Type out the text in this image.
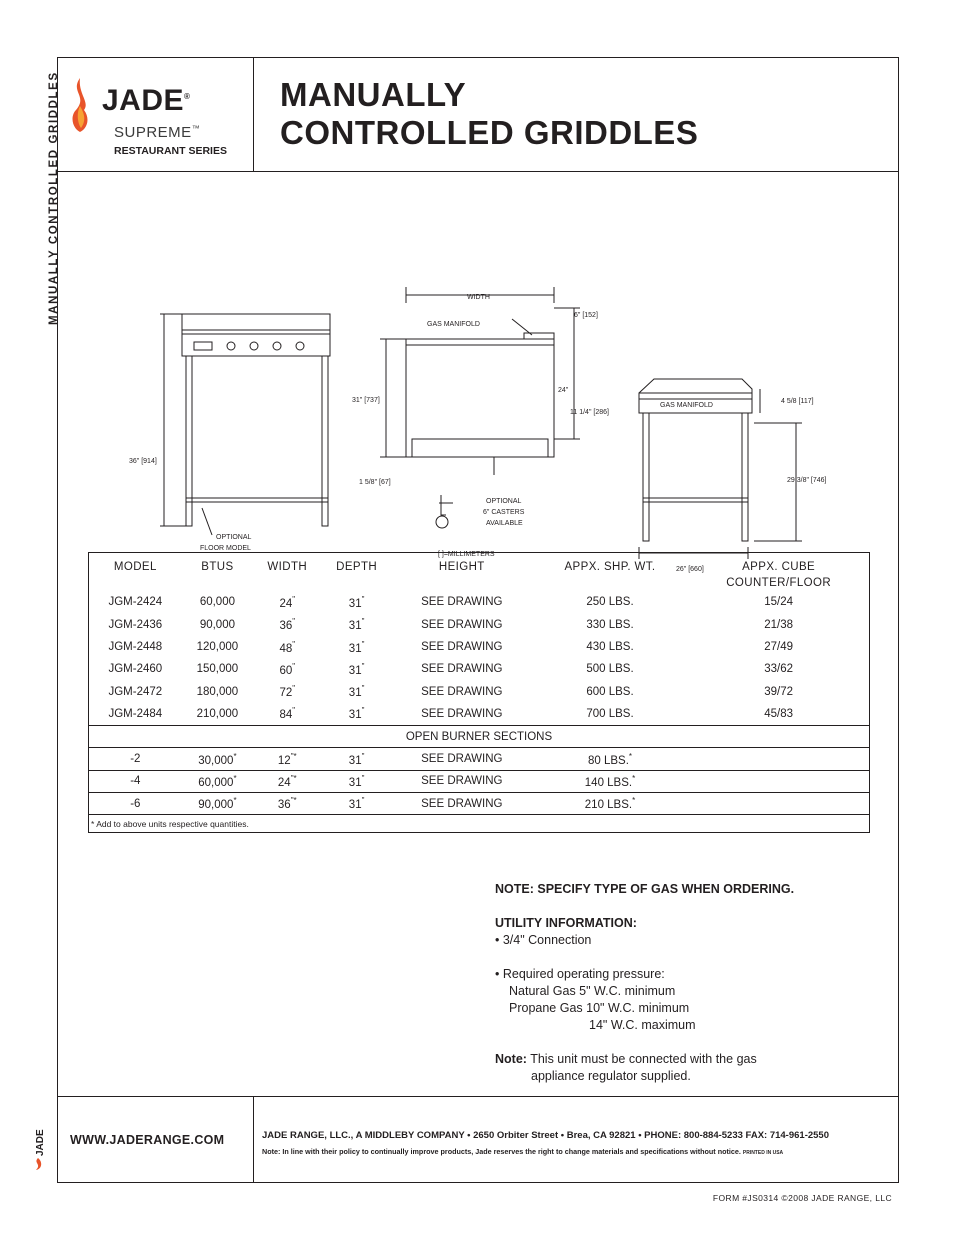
MANUALLY CONTROLLED GRIDDLES JADE®
SUPREME™
RESTAURANT SERIES
MANUALLY
CONTROLLED GRIDDLES
36" [914]
OPTIONAL
FLOOR MODEL
WIDTH
GAS MANIFOLD
6" [152]
31" [737]
24"
11 1/4" [286]
1 5/8" [67]
OPTIONAL
6" CASTERS
AVAILABLE
[ ]=MILLIMETERS
GAS MANIFOLD
4 5/8 [117]
29 3/8" [746]
26" [660]
MODEL	BTUS	WIDTH	DEPTH	HEIGHT	APPX. SHP. WT.	APPX. CUBE
COUNTER/FLOOR

JGM-2424	60,000	24"	31"	SEE DRAWING	250 LBS.	15/24
JGM-2436	90,000	36"	31"	SEE DRAWING	330 LBS.	21/38
JGM-2448	120,000	48"	31"	SEE DRAWING	430 LBS.	27/49
JGM-2460	150,000	60"	31"	SEE DRAWING	500 LBS.	33/62
JGM-2472	180,000	72"	31"	SEE DRAWING	600 LBS.	39/72
JGM-2484	210,000	84"	31"	SEE DRAWING	700 LBS.	45/83
OPEN BURNER SECTIONS						
-2	30,000*	12"*	31"	SEE DRAWING	80 LBS.*	
-4	60,000*	24"*	31"	SEE DRAWING	140 LBS.*	
-6	90,000*	36"*	31"	SEE DRAWING	210 LBS.*	
* Add to above units respective quantities.						
NOTE: SPECIFY TYPE OF GAS WHEN ORDERING.
UTILITY INFORMATION:
• 3/4" Connection
• Required operating pressure:
Natural Gas 5" W.C. minimum
Propane Gas 10" W.C. minimum
14" W.C. maximum
Note: This unit must be connected with the gas
appliance regulator supplied.
WWW.JADERANGE.COM	JADE RANGE, LLC., A MIDDLEBY COMPANY • 2650 Orbiter Street • Brea, CA 92821 • PHONE: 800-884-5233 FAX: 714-961-2550
Note: In line with their policy to continually improve products, Jade reserves the right to change materials and specifications without notice. PRINTED IN USA
JADE
FORM #JS0314 ©2008 JADE RANGE, LLC
